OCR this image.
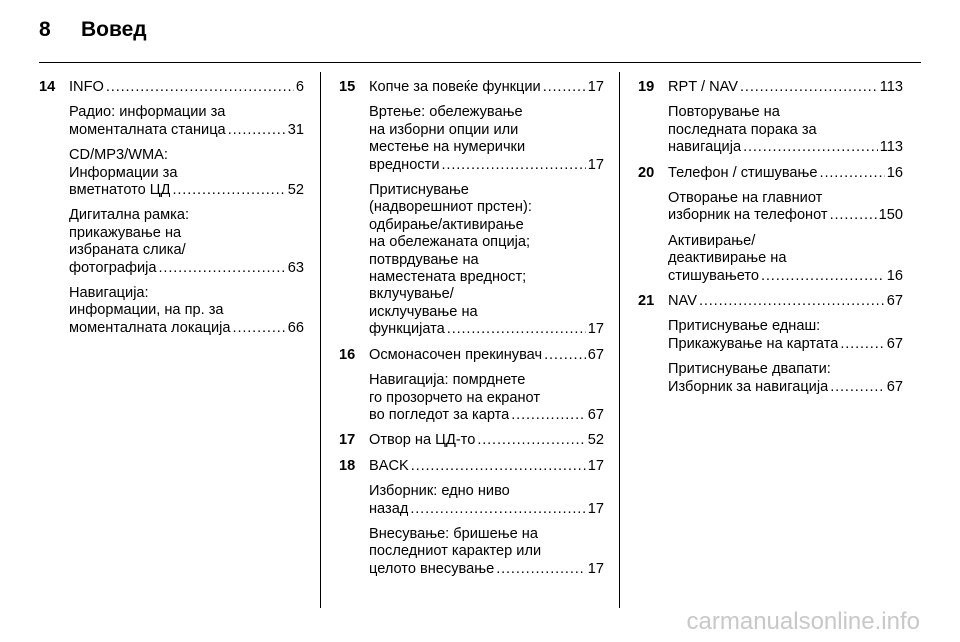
8	Вовед
14 INFO . . .	6
Радио: информации за
моменталната станица . . .	31
CD/MP3/WMA:
Информации за
вметнатото ЦД . . .	52
Дигитална рамка:
прикажување на
избраната слика/
фотографија . . .	63
Навигација:
информации, на пр. за
моменталната локација . . .	66
15 Копче за повеќе функции . . .	17
Вртење: обележување
на изборни опции или
местење на нумерички
вредности . . .	17
Притиснување
(надворешниот прстен):
одбирање/активирање
на обележаната опција;
потврдување на
наместената вредност;
вклучување/
исклучување на
функцијата . . .	17
16 Осмонасочен прекинувач . . .	67
Навигација: помрднете
го прозорчето на екранот
во погледот за карта . . .	67
17 Отвор на ЦД-то . . .	52
18 BACK . . .	17
Изборник: едно ниво
назад . . .	17
Внесување: бришење на
последниот карактер или
целото внесување . . .	17
19 RPT / NAV . . .	113
Повторување на
последната порака за
навигација . . .	113
20 Телефон / стишување . . .	16
Отворање на главниот
изборник на телефонот . . .	150
Активирање/
деактивирање на
стишувањето . . .	16
21 NAV . . .	67
Притиснување еднаш:
Прикажување на картата . . .	67
Притиснување двапати:
Изборник за навигација . . .	67
carmanualsonline.info
